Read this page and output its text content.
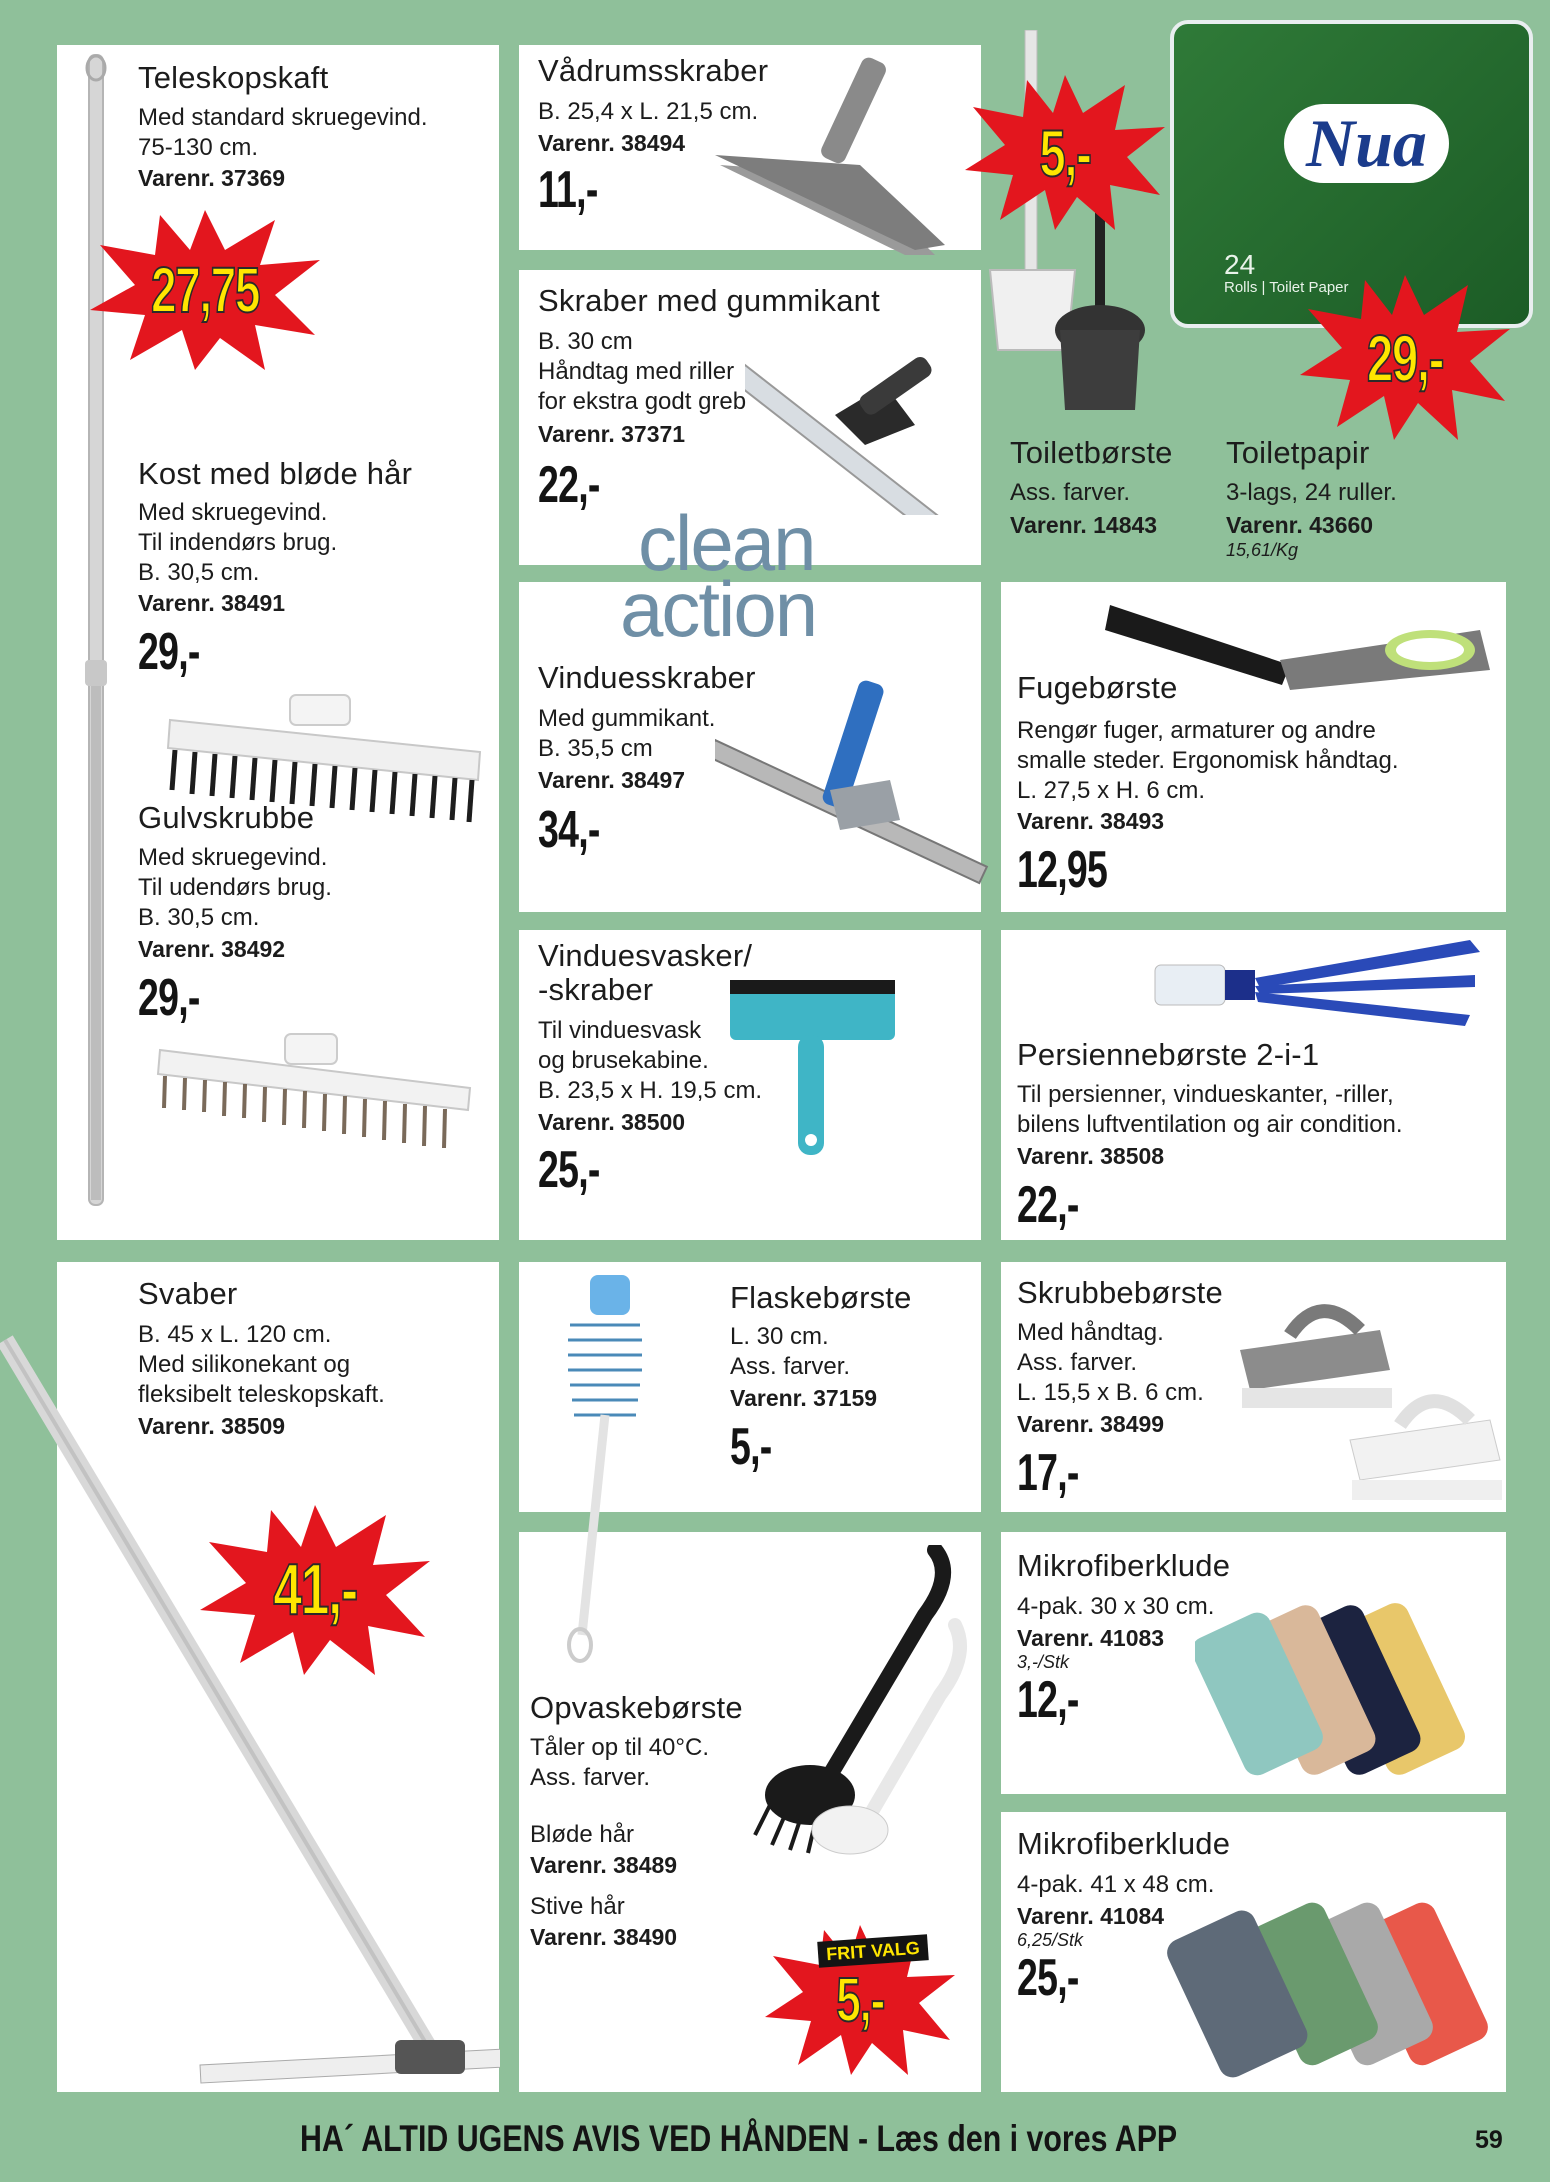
Nua
24
Rolls | Toilet Paper
clean
action
Teleskopskaft
Med standard skruegevind.
75-130 cm.
Varenr. 37369
Kost med bløde hår
Med skruegevind.
Til indendørs brug.
B. 30,5 cm.
Varenr. 38491
29,-
Gulvskrubbe
Med skruegevind.
Til udendørs brug.
B. 30,5 cm.
Varenr. 38492
29,-
Vådrumsskraber
B. 25,4 x L. 21,5 cm.
Varenr. 38494
11,-
Skraber med gummikant
B. 30 cm
Håndtag med riller
for ekstra godt greb
Varenr. 37371
22,-
Toiletbørste
Ass. farver.
Varenr. 14843
Toiletpapir
3-lags, 24 ruller.
Varenr. 43660
15,61/Kg
Vinduesskraber
Med gummikant.
B. 35,5 cm
Varenr. 38497
34,-
Fugebørste
Rengør fuger, armaturer og andre
smalle steder. Ergonomisk håndtag.
L. 27,5 x H. 6 cm.
Varenr. 38493
12,95
Vinduesvasker/
-skraber
Til vinduesvask
og brusekabine.
B. 23,5 x H. 19,5 cm.
Varenr. 38500
25,-
Persiennebørste 2-i-1
Til persienner, vindueskanter, -riller,
bilens luftventilation og air condition.
Varenr. 38508
22,-
Svaber
B. 45 x L. 120 cm.
Med silikonekant og
fleksibelt teleskopskaft.
Varenr. 38509
Flaskebørste
L. 30 cm.
Ass. farver.
Varenr. 37159
5,-
Skrubbebørste
Med håndtag.
Ass. farver.
L. 15,5 x B. 6 cm.
Varenr. 38499
17,-
Mikrofiberklude
4-pak. 30 x 30 cm.
Varenr. 41083
3,-/Stk
12,-
Opvaskebørste
Tåler op til 40°C.
Ass. farver.
Bløde hår
Varenr. 38489
Stive hår
Varenr. 38490
Mikrofiberklude
4-pak. 41 x 48 cm.
Varenr. 41084
6,25/Stk
25,-
27,75
5,-
29,-
41,-
5,-
FRIT VALG
HA´ ALTID UGENS AVIS VED HÅNDEN - Læs den i vores APP	59
